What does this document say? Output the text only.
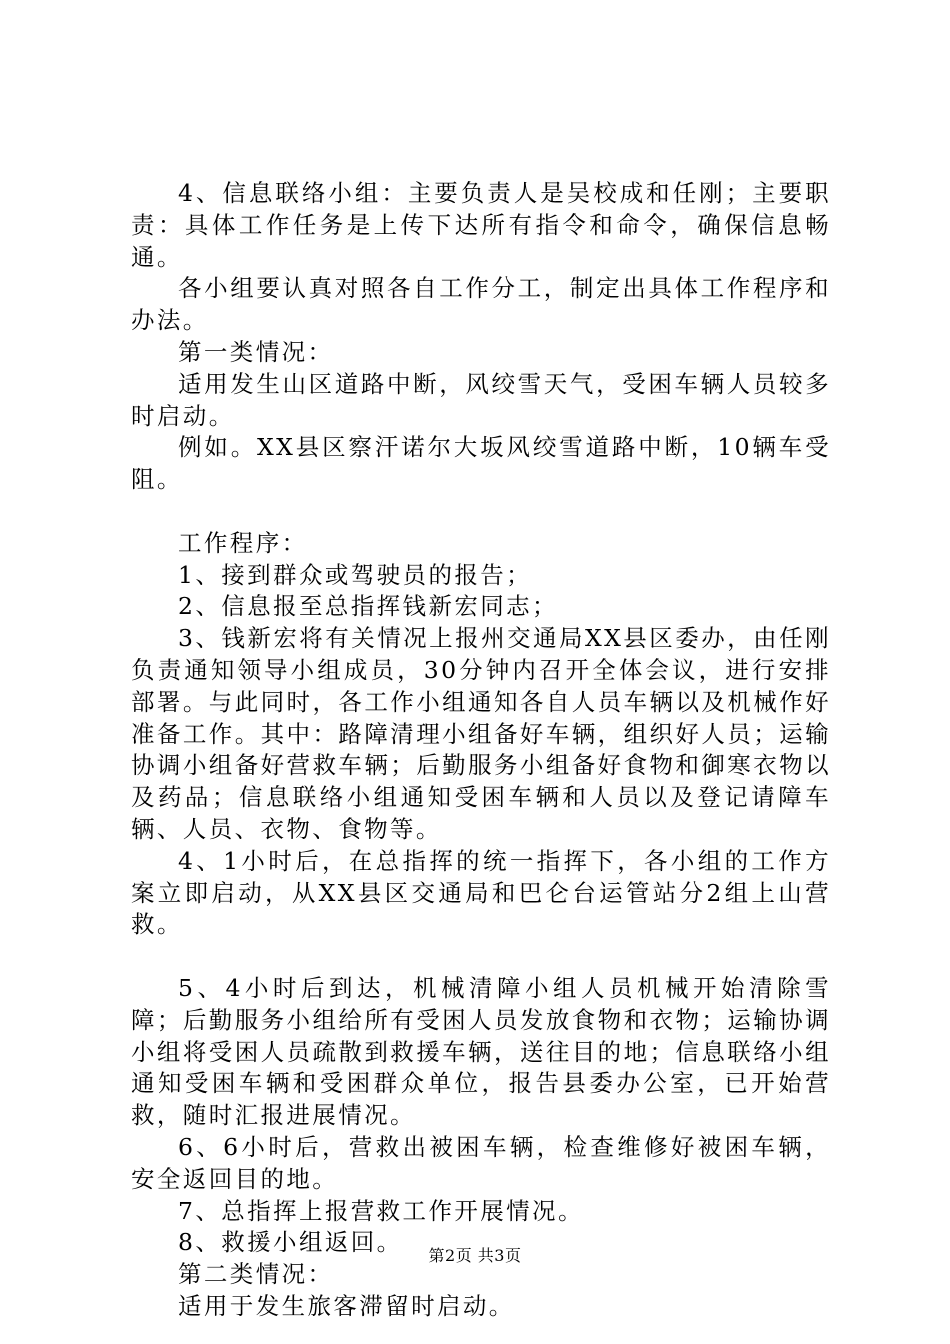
4、信息联络小组：主要负责人是吴校成和任刚；主要职责：具体工作任务是上传下达所有指令和命令，确保信息畅通。

各小组要认真对照各自工作分工，制定出具体工作程序和办法。

第一类情况：

适用发生山区道路中断，风绞雪天气，受困车辆人员较多时启动。

例如。XX县区察汗诺尔大坂风绞雪道路中断，10辆车受阻。

工作程序：

1、接到群众或驾驶员的报告；

2、信息报至总指挥钱新宏同志；

3、钱新宏将有关情况上报州交通局XX县区委办，由任刚负责通知领导小组成员，30分钟内召开全体会议，进行安排部署。与此同时，各工作小组通知各自人员车辆以及机械作好准备工作。其中：路障清理小组备好车辆，组织好人员；运输协调小组备好营救车辆；后勤服务小组备好食物和御寒衣物以及药品；信息联络小组通知受困车辆和人员以及登记请障车辆、人员、衣物、食物等。

4、1小时后，在总指挥的统一指挥下，各小组的工作方案立即启动，从XX县区交通局和巴仑台运管站分2组上山营救。

5、4小时后到达，机械清障小组人员机械开始清除雪障；后勤服务小组给所有受困人员发放食物和衣物；运输协调小组将受困人员疏散到救援车辆，送往目的地；信息联络小组通知受困车辆和受困群众单位，报告县委办公室，已开始营救，随时汇报进展情况。

6、6小时后，营救出被困车辆，检查维修好被困车辆，安全返回目的地。

7、总指挥上报营救工作开展情况。

8、救援小组返回。

第二类情况：

适用于发生旅客滞留时启动。

第2页 共3页
